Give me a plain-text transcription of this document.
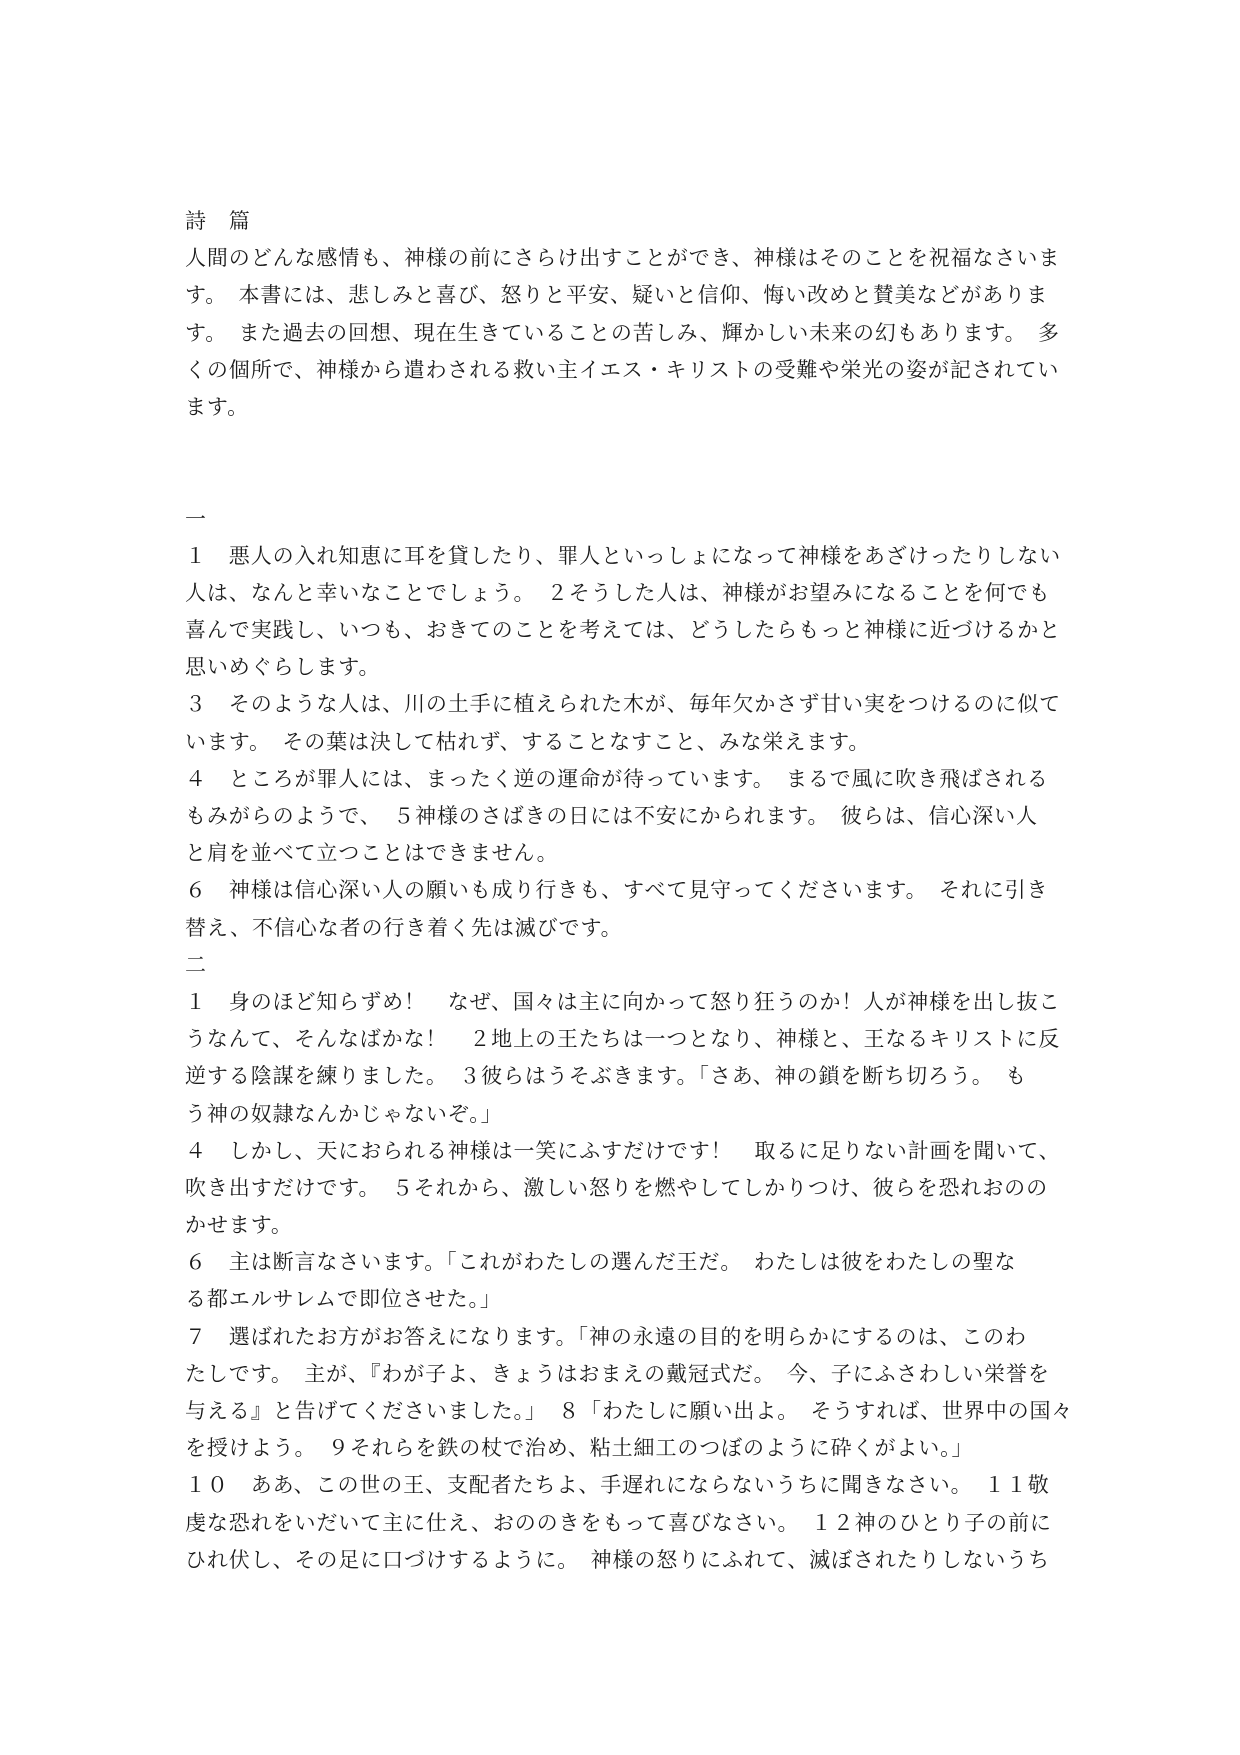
詩　篇
人間のどんな感情も、神様の前にさらけ出すことができ、神様はそのことを祝福なさいま
す。　本書には、悲しみと喜び、怒りと平安、疑いと信仰、悔い改めと賛美などがありま
す。　また過去の回想、現在生きていることの苦しみ、輝かしい未来の幻もあります。　多
くの個所で、神様から遣わされる救い主イエス・キリストの受難や栄光の姿が記されてい
ます。
一
１　悪人の入れ知恵に耳を貸したり、罪人といっしょになって神様をあざけったりしない
人は、なんと幸いなことでしょう。　２そうした人は、神様がお望みになることを何でも
喜んで実践し、いつも、おきてのことを考えては、どうしたらもっと神様に近づけるかと
思いめぐらします。
３　そのような人は、川の土手に植えられた木が、毎年欠かさず甘い実をつけるのに似て
います。　その葉は決して枯れず、することなすこと、みな栄えます。
４　ところが罪人には、まったく逆の運命が待っています。　まるで風に吹き飛ばされる
もみがらのようで、　５神様のさばきの日には不安にかられます。　彼らは、信心深い人
と肩を並べて立つことはできません。
６　神様は信心深い人の願いも成り行きも、すべて見守ってくださいます。　それに引き
替え、不信心な者の行き着く先は滅びです。
二
１　身のほど知らずめ！　なぜ、国々は主に向かって怒り狂うのか！人が神様を出し抜こ
うなんて、そんなばかな！　２地上の王たちは一つとなり、神様と、王なるキリストに反
逆する陰謀を練りました。　３彼らはうそぶきます。「さあ、神の鎖を断ち切ろう。　も
う神の奴隷なんかじゃないぞ。」
４　しかし、天におられる神様は一笑にふすだけです！　取るに足りない計画を聞いて、
吹き出すだけです。　５それから、激しい怒りを燃やしてしかりつけ、彼らを恐れおのの
かせます。
６　主は断言なさいます。「これがわたしの選んだ王だ。　わたしは彼をわたしの聖な
る都エルサレムで即位させた。」
７　選ばれたお方がお答えになります。「神の永遠の目的を明らかにするのは、このわ
たしです。　主が、『わが子よ、きょうはおまえの戴冠式だ。　今、子にふさわしい栄誉を
与える』と告げてくださいました。」　８「わたしに願い出よ。　そうすれば、世界中の国々
を授けよう。　９それらを鉄の杖で治め、粘土細工のつぼのように砕くがよい。」
１０　ああ、この世の王、支配者たちよ、手遅れにならないうちに聞きなさい。　１１敬
虔な恐れをいだいて主に仕え、おののきをもって喜びなさい。　１２神のひとり子の前に
ひれ伏し、その足に口づけするように。　神様の怒りにふれて、滅ぼされたりしないうち
